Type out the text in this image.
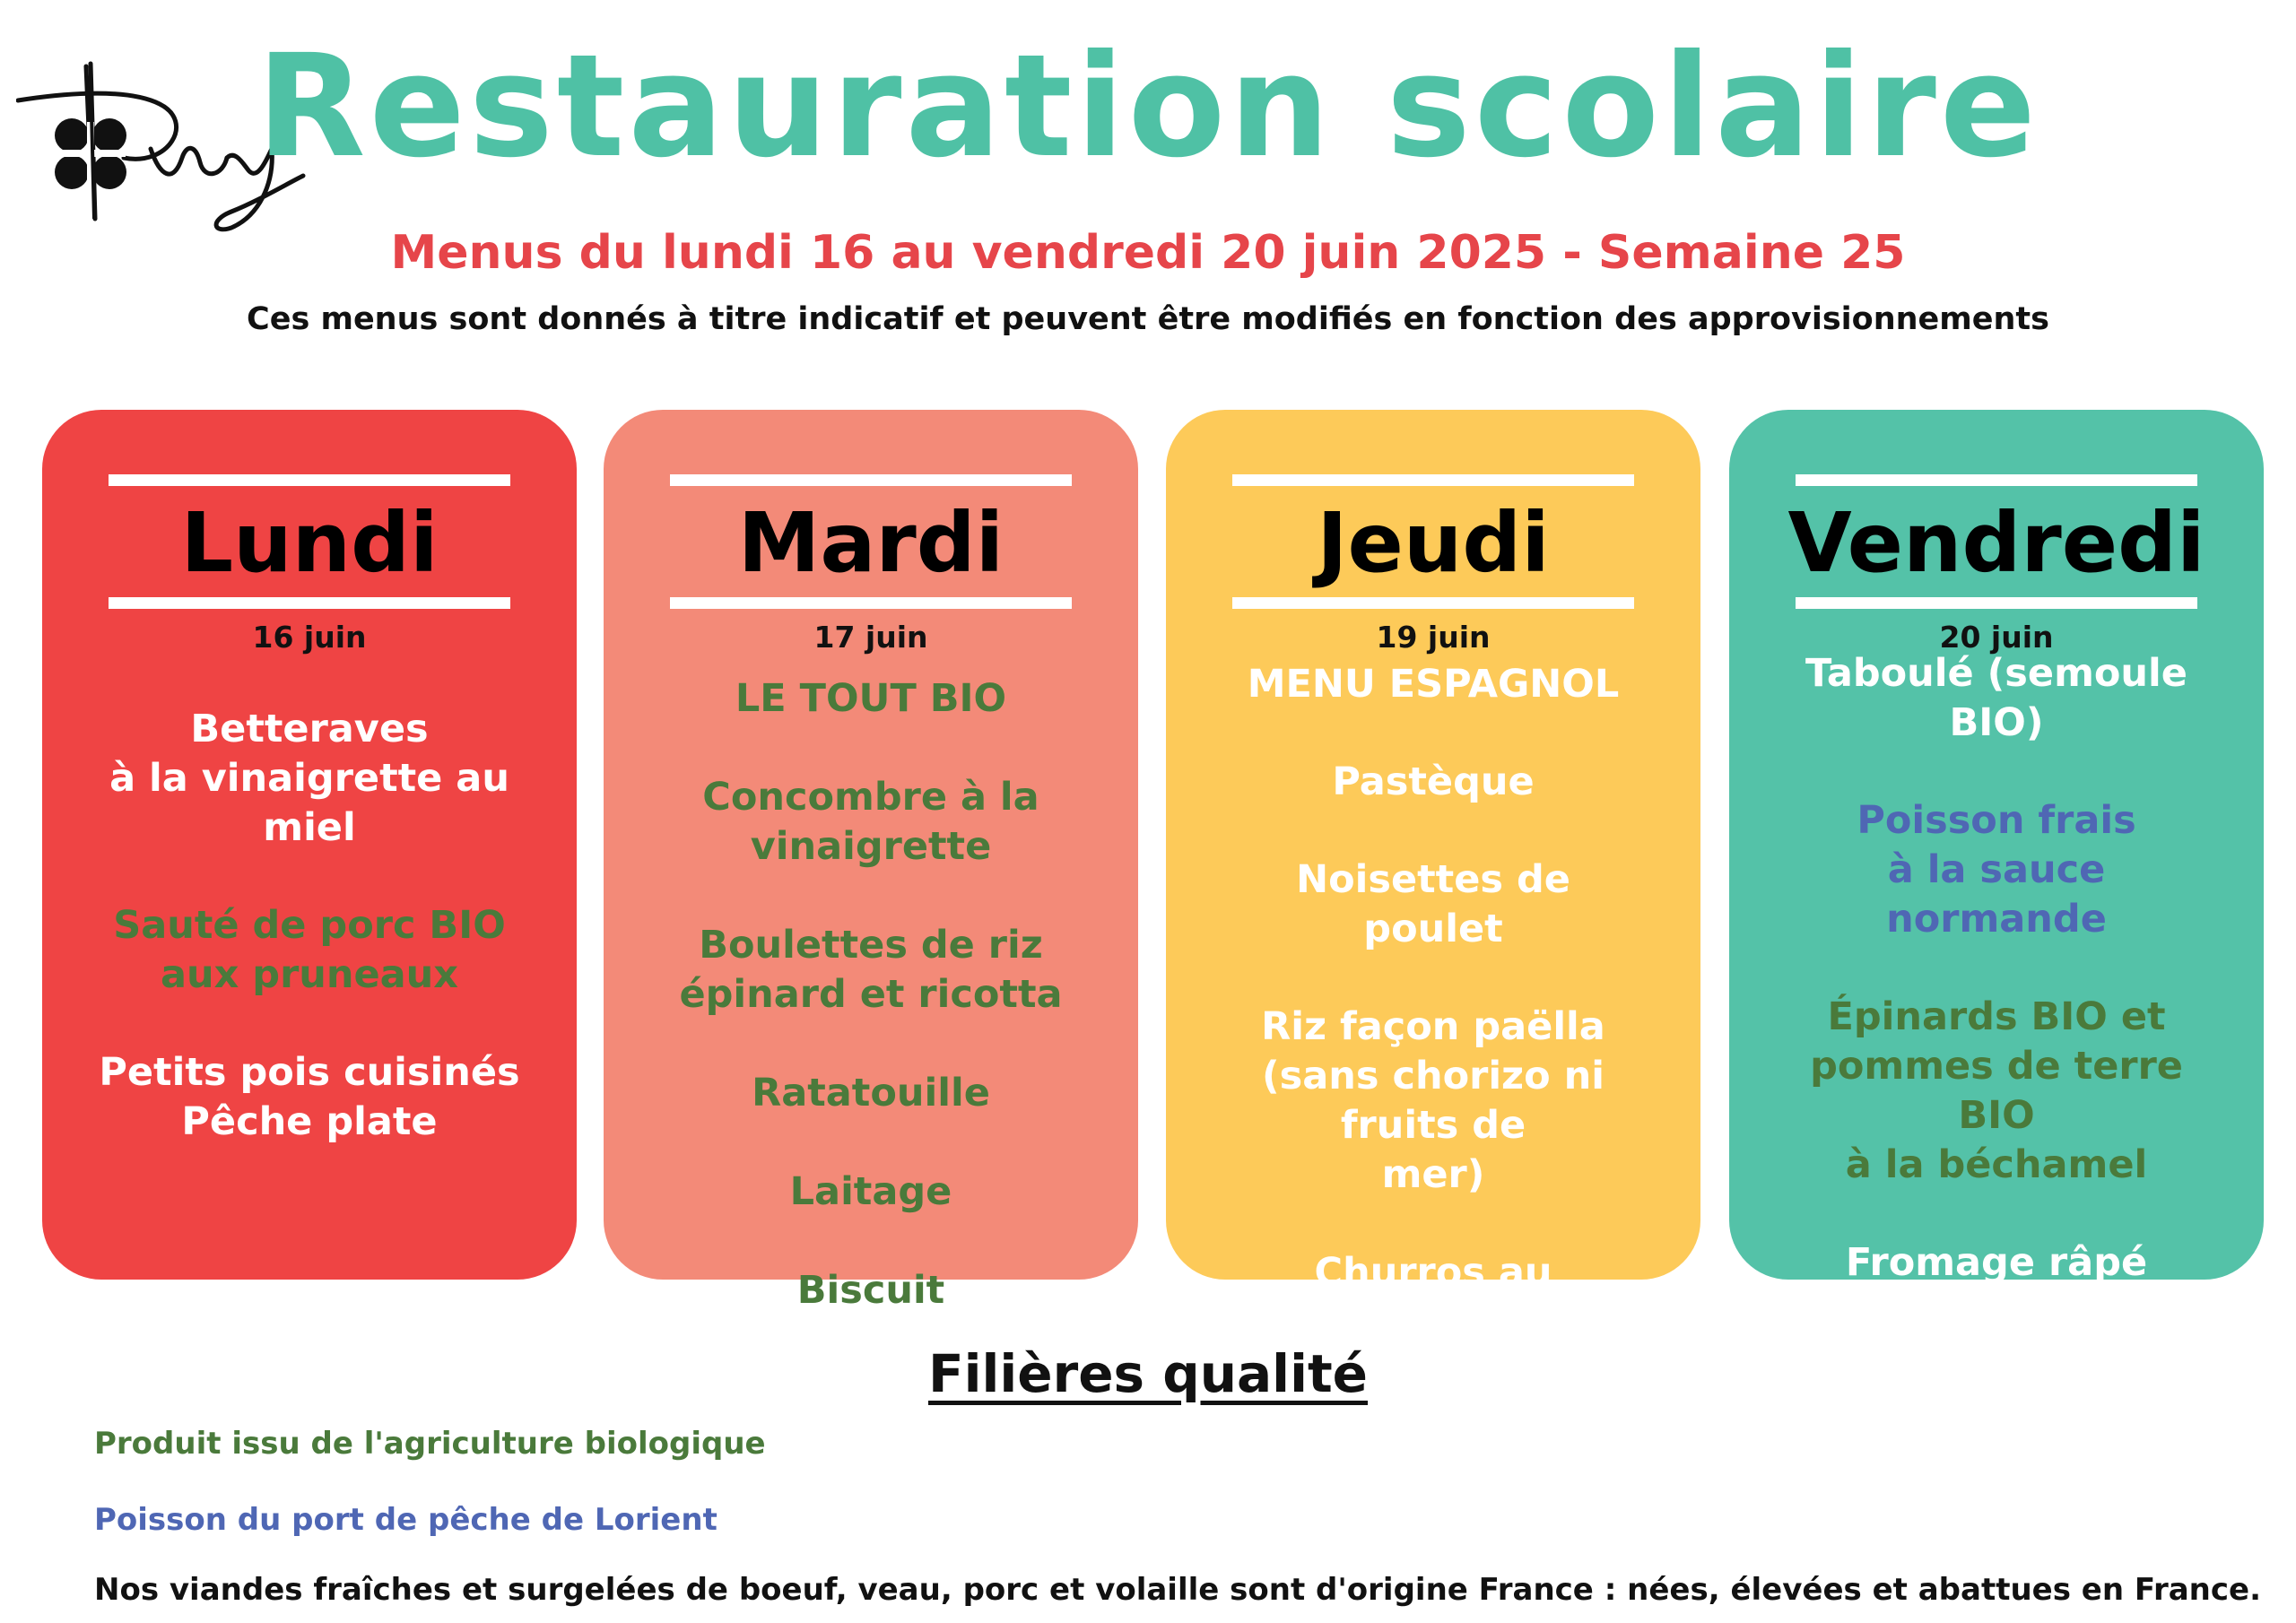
Restauration scolaire

Menus du lundi 16 au vendredi 20 juin 2025 - Semaine 25

Ces menus sont donnés à titre indicatif et peuvent être modifiés en fonction des approvisionnements

Lundi
16 juin
Betteraves
à la vinaigrette au miel
Sauté de porc BIO
aux pruneaux
Petits pois cuisinés
Pêche plate
Mardi
17 juin
LE TOUT BIO
Concombre à la vinaigrette
Boulettes de riz
épinard et ricotta
Ratatouille
Laitage
Biscuit
Jeudi
19 juin
MENU ESPAGNOL
Pastèque
Noisettes de poulet
Riz façon paëlla
(sans chorizo ni fruits de
mer)
Churros au chocolat
Vendredi
20 juin
Taboulé (semoule BIO)
Poisson frais
à la sauce normande
Épinards BIO et
pommes de terre BIO
à la béchamel
Fromage râpé
Fraises de Plougastel
Filières qualité

Produit issu de l'agriculture biologique

Poisson du port de pêche de Lorient

Nos viandes fraîches et surgelées de boeuf, veau, porc et volaille sont d'origine France : nées, élevées et abattues en France.
